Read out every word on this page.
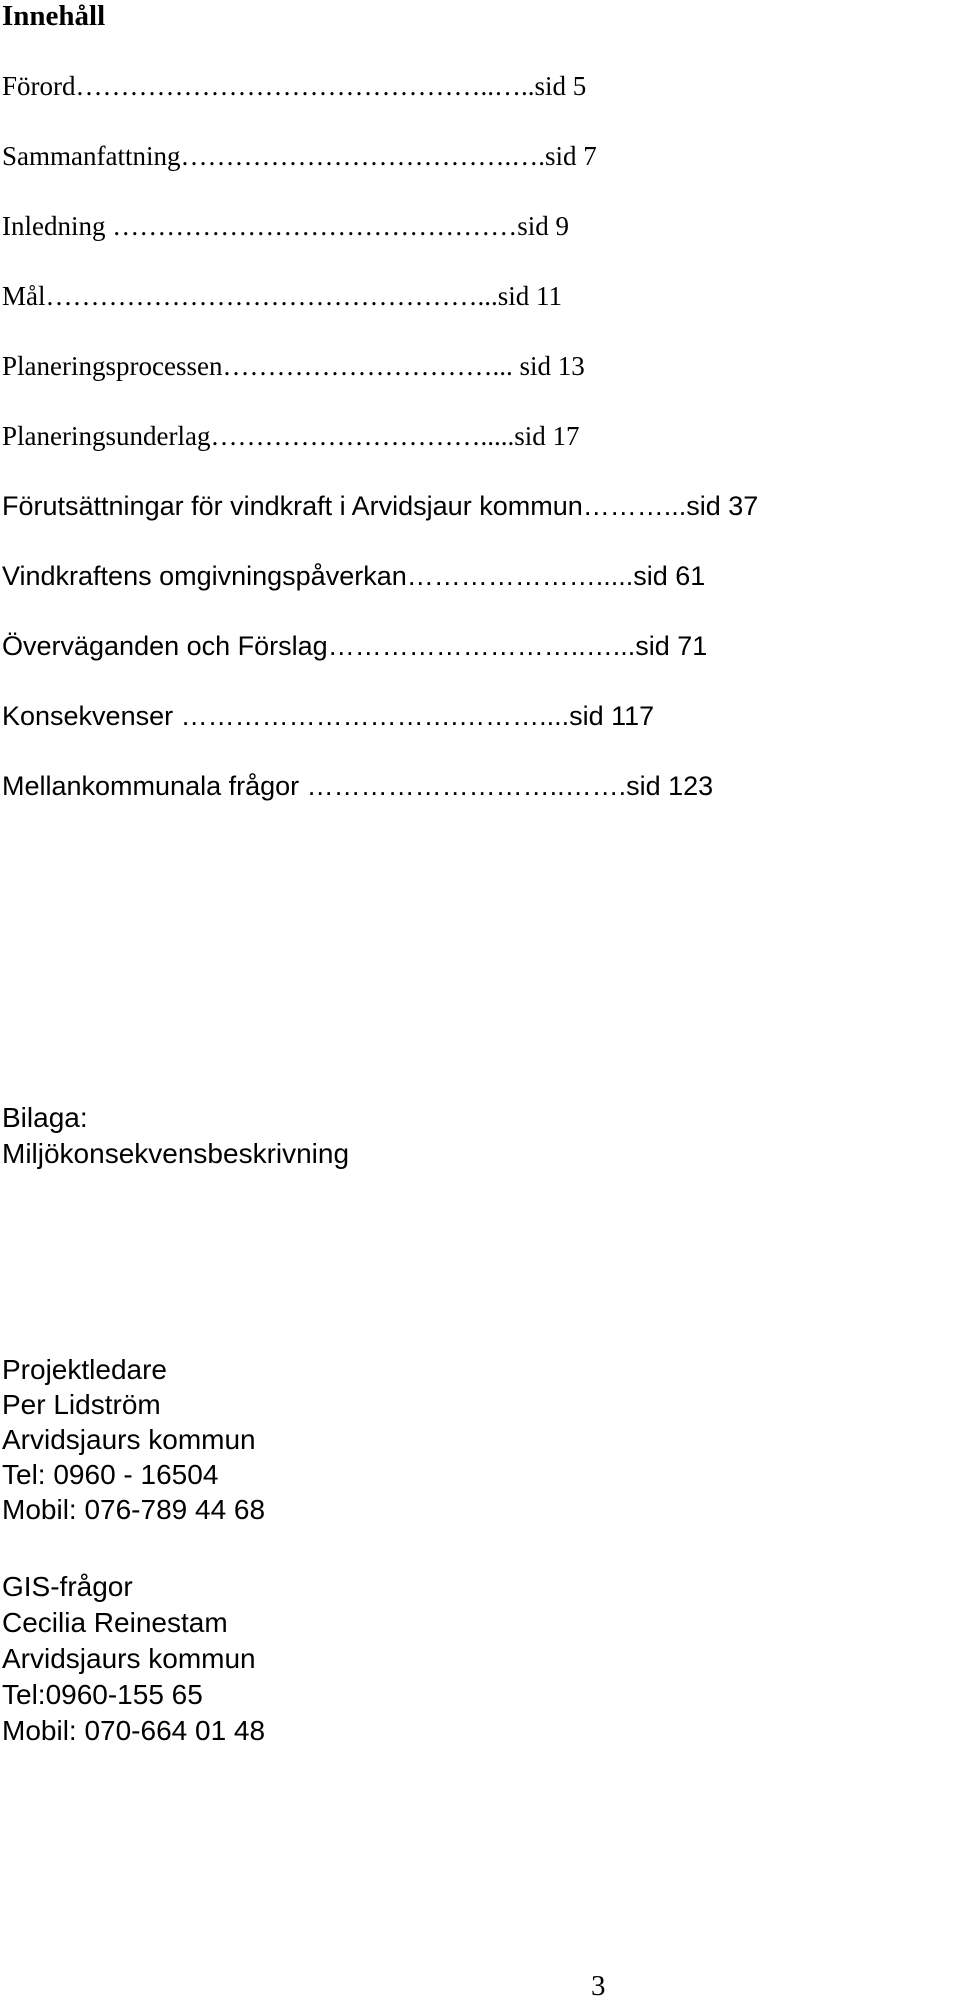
Innehåll
Förord………………………………………..…..sid 5
Sammanfattning……………………………….….sid 7
Inledning ………………………………………sid 9
Mål…………………………………………...sid 11
Planeringsprocessen…………………………... sid 13
Planeringsunderlag………………………….....sid 17
Förutsättningar för vindkraft i Arvidsjaur kommun………...sid 37
Vindkraftens omgivningspåverkan………………….....sid 61
Överväganden och Förslag………………………..…...sid 71
Konsekvenser ………………………….………....sid 117
Mellankommunala frågor ………………………..…….sid 123
Bilaga:
Miljökonsekvensbeskrivning
Projektledare
Per Lidström
Arvidsjaurs kommun
Tel: 0960 - 16504
Mobil: 076-789 44 68
GIS-frågor
Cecilia Reinestam
Arvidsjaurs kommun
Tel:0960-155 65
Mobil: 070-664 01 48
3
